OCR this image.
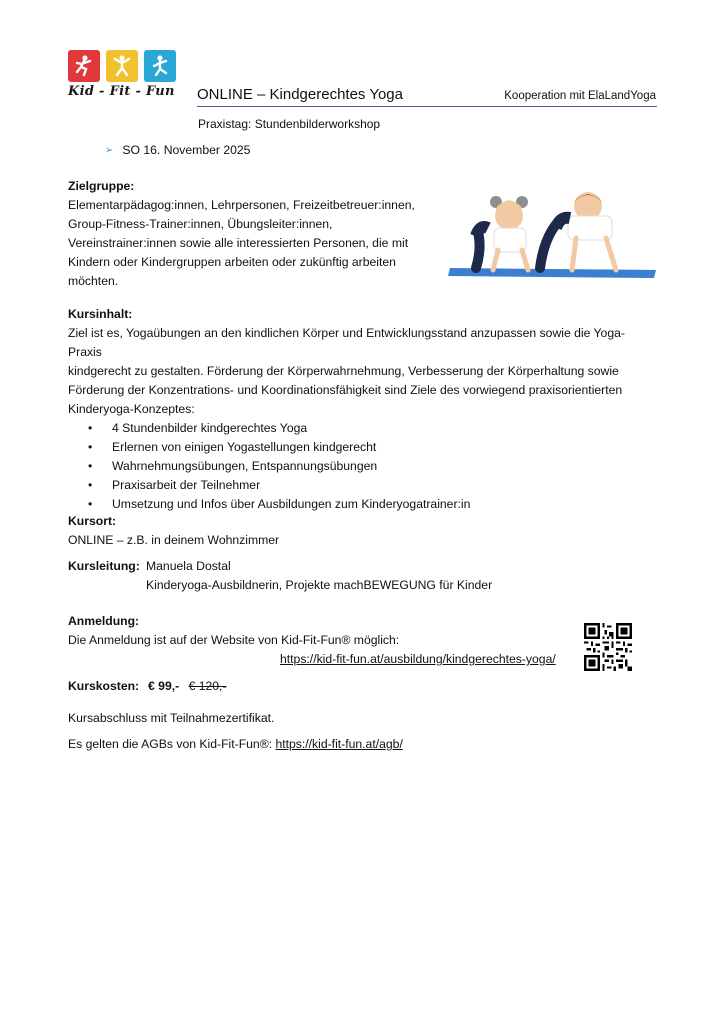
Kid - Fit - Fun ONLINE – Kindgerechtes Yoga	Kooperation mit ElaLandYoga
Praxistag: Stundenbilderworkshop
➢ SO 16. November 2025
Zielgruppe:
Elementarpädagog:innen, Lehrpersonen, Freizeitbetreuer:innen,
Group-Fitness-Trainer:innen, Übungsleiter:innen,
Vereinstrainer:innen sowie alle interessierten Personen, die mit
Kindern oder Kindergruppen arbeiten oder zukünftig arbeiten
möchten.
Kursinhalt:
Ziel ist es, Yogaübungen an den kindlichen Körper und Entwicklungsstand anzupassen sowie die Yoga-Praxis
kindgerecht zu gestalten. Förderung der Körperwahrnehmung, Verbesserung der Körperhaltung sowie
Förderung der Konzentrations- und Koordinationsfähigkeit sind Ziele des vorwiegend praxisorientierten
Kinderyoga-Konzeptes:
• 4 Stundenbilder kindgerechtes Yoga
• Erlernen von einigen Yogastellungen kindgerecht
• Wahrnehmungsübungen, Entspannungsübungen
• Praxisarbeit der Teilnehmer
• Umsetzung und Infos über Ausbildungen zum Kinderyogatrainer:in
Kursort:
ONLINE – z.B. in deinem Wohnzimmer
Kursleitung: Manuela Dostal
Kinderyoga-Ausbildnerin, Projekte machBEWEGUNG für Kinder
Anmeldung:
Die Anmeldung ist auf der Website von Kid-Fit-Fun® möglich:
https://kid-fit-fun.at/ausbildung/kindgerechtes-yoga/
Kurskosten: € 99,- € 120,-
Kursabschluss mit Teilnahmezertifikat.
Es gelten die AGBs von Kid-Fit-Fun®: https://kid-fit-fun.at/agb/
